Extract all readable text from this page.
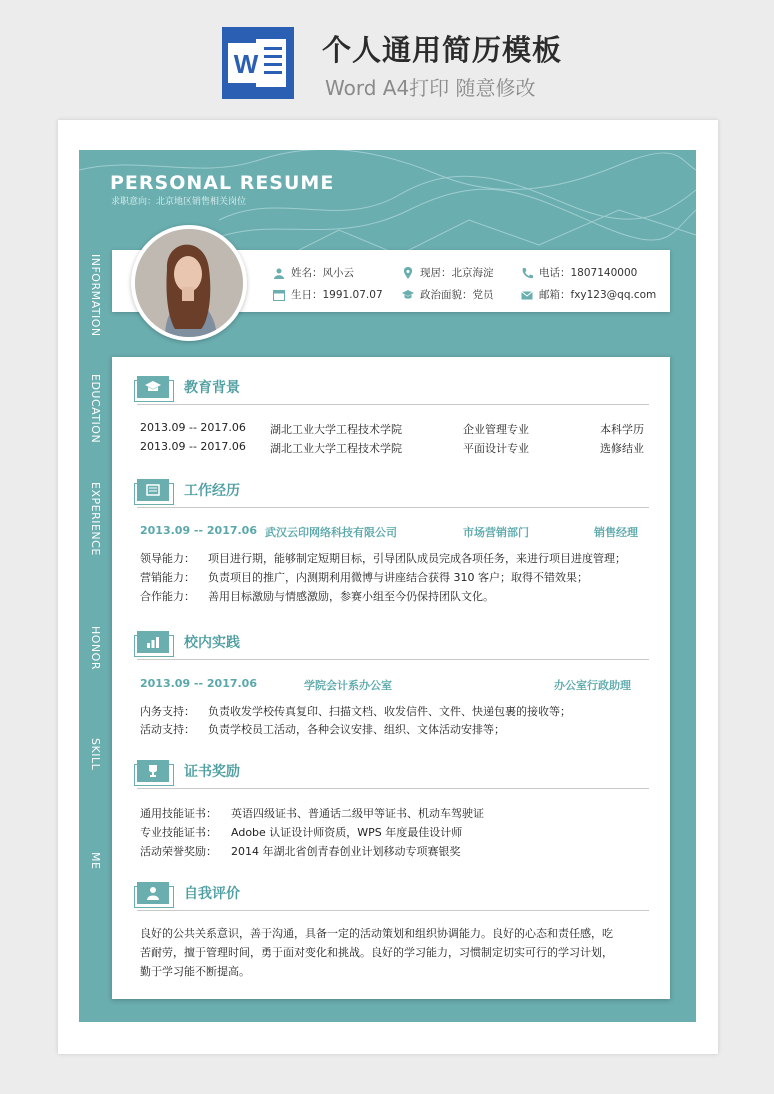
W 个人通用简历模板
Word A4打印 随意修改
PERSONAL RESUME
求职意向：北京地区销售相关岗位
INFORMATION
EDUCATION
EXPERIENCE
HONOR
SKILL
ME
姓名：风小云	现居：北京海淀	电话：1807140000
生日：1991.07.07	政治面貌：党员	邮箱：fxy123@qq.com
教育背景
2013.09 -- 2017.06 湖北工业大学工程技术学院	企业管理专业	本科学历
2013.09 -- 2017.06 湖北工业大学工程技术学院	平面设计专业	选修结业
工作经历
2013.09 -- 2017.06 武汉云印网络科技有限公司	市场营销部门	销售经理
领导能力： 项目进行期，能够制定短期目标，引导团队成员完成各项任务，来进行项目进度管理；
营销能力： 负责项目的推广，内测期利用微博与讲座结合获得 310 客户；取得不错效果；
合作能力： 善用目标激励与情感激励，参赛小组至今仍保持团队文化。
校内实践
2013.09 -- 2017.06	学院会计系办公室	办公室行政助理
内务支持： 负责收发学校传真复印、扫描文档、收发信件、文件、快递包裹的接收等；
活动支持： 负责学校员工活动，各种会议安排、组织、文体活动安排等；
证书奖励
通用技能证书： 英语四级证书、普通话二级甲等证书、机动车驾驶证
专业技能证书： Adobe 认证设计师资质，WPS 年度最佳设计师
活动荣誉奖励： 2014 年湖北省创青春创业计划移动专项赛银奖
自我评价
良好的公共关系意识，善于沟通，具备一定的活动策划和组织协调能力。良好的心态和责任感，吃
苦耐劳，擅于管理时间，勇于面对变化和挑战。良好的学习能力，习惯制定切实可行的学习计划，
勤于学习能不断提高。
